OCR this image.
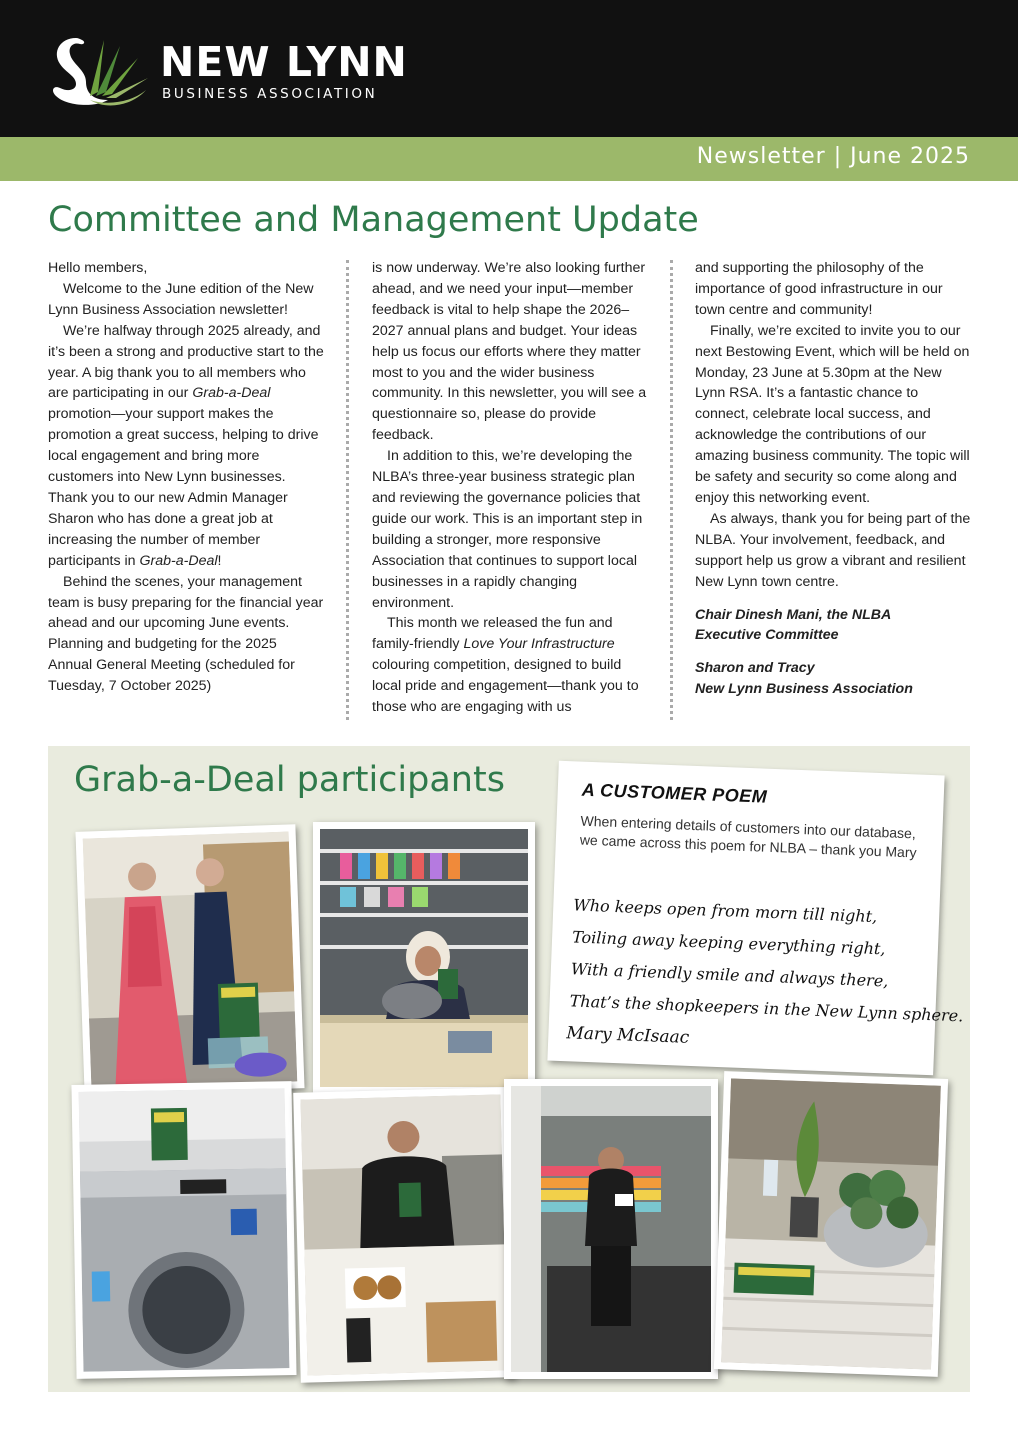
NEW LYNN
BUSINESS ASSOCIATION
Newsletter | June 2025
Committee and Management Update

Hello members,

Welcome to the June edition of the New Lynn Business Association newsletter!

We’re halfway through 2025 already, and it’s been a strong and productive start to the year. A big thank you to all members who are participating in our Grab-a-Deal promotion—your support makes the promotion a great success, helping to drive local engagement and bring more customers into New Lynn businesses. Thank you to our new Admin Manager Sharon who has done a great job at increasing the number of member participants in Grab-a-Deal!

Behind the scenes, your management team is busy preparing for the financial year ahead and our upcoming June events. Planning and budgeting for the 2025 Annual General Meeting (scheduled for Tuesday, 7 October 2025)

is now underway. We’re also looking further ahead, and we need your input—member feedback is vital to help shape the 2026–2027 annual plans and budget. Your ideas help us focus our efforts where they matter most to you and the wider business community. In this newsletter, you will see a questionnaire so, please do provide feedback.

In addition to this, we’re developing the NLBA’s three-year business strategic plan and reviewing the governance policies that guide our work. This is an important step in building a stronger, more responsive Association that continues to support local businesses in a rapidly changing environment.

This month we released the fun and family-friendly Love Your Infrastructure colouring competition, designed to build local pride and engagement—thank you to those who are engaging with us

and supporting the philosophy of the importance of good infrastructure in our town centre and community!

Finally, we’re excited to invite you to our next Bestowing Event, which will be held on Monday, 23 June at 5.30pm at the New Lynn RSA. It’s a fantastic chance to connect, celebrate local success, and acknowledge the contributions of our amazing business community. The topic will be safety and security so come along and enjoy this networking event.

As always, thank you for being part of the NLBA. Your involvement, feedback, and support help us grow a vibrant and resilient New Lynn town centre.

Chair Dinesh Mani, the NLBA
Executive Committee

Sharon and Tracy
New Lynn Business Association

Grab-a-Deal participants	A CUSTOMER POEM
When entering details of customers into our database, we came across this poem for NLBA – thank you Mary
Who keeps open from morn till night,
Toiling away keeping everything right,
With a friendly smile and always there,
That’s the shopkeepers in the New Lynn sphere.
Mary McIsaac
